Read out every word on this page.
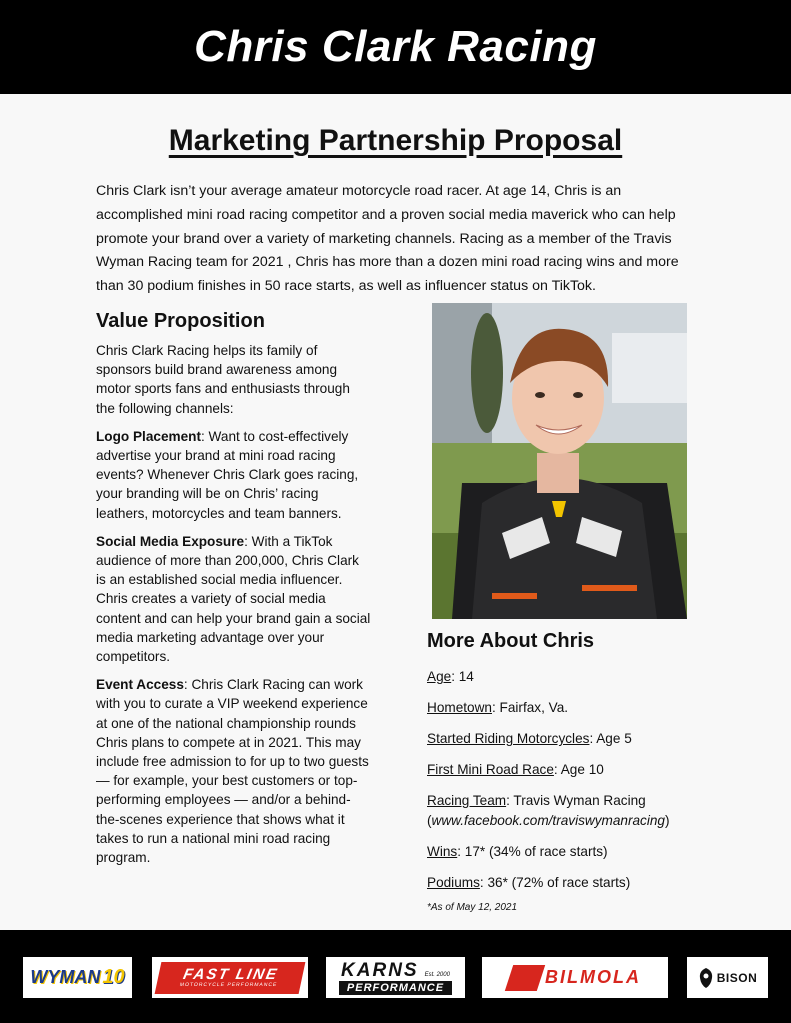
Chris Clark Racing
Marketing Partnership Proposal

Chris Clark isn’t your average amateur motorcycle road racer. At age 14, Chris is an accomplished mini road racing competitor and a proven social media maverick who can help promote your brand over a variety of marketing channels. Racing as a member of the Travis Wyman Racing team for 2021 , Chris has more than a dozen mini road racing wins and more than 30 podium finishes in 50 race starts, as well as influencer status on TikTok.

Value Proposition

Chris Clark Racing helps its family of sponsors build brand awareness among motor sports fans and enthusiasts through the following channels:

Logo Placement: Want to cost-effectively advertise your brand at mini road racing events? Whenever Chris Clark goes racing, your branding will be on Chris’ racing leathers, motorcycles and team banners.

Social Media Exposure: With a TikTok audience of more than 200,000, Chris Clark is an established social media influencer. Chris creates a variety of social media content and can help your brand gain a social media marketing advantage over your competitors.

Event Access: Chris Clark Racing can work with you to curate a VIP weekend experience at one of the national championship rounds Chris plans to compete at in 2021. This may include free admission to for up to two guests — for example, your best customers or top-performing employees — and/or a behind-the-scenes experience that shows what it takes to run a national mini road racing program.

More About Chris
Age: 14
Hometown: Fairfax, Va.
Started Riding Motorcycles: Age 5
First Mini Road Race: Age 10
Racing Team: Travis Wyman Racing
(www.facebook.com/traviswymanracing)
Wins: 17* (34% of race starts)
Podiums: 36* (72% of race starts)
*As of May 12, 2021
WYMAN 10	FAST LINE
MOTORCYCLE PERFORMANCE
KARNS Est. 2000
PERFORMANCE
BILMOLA	BISON
